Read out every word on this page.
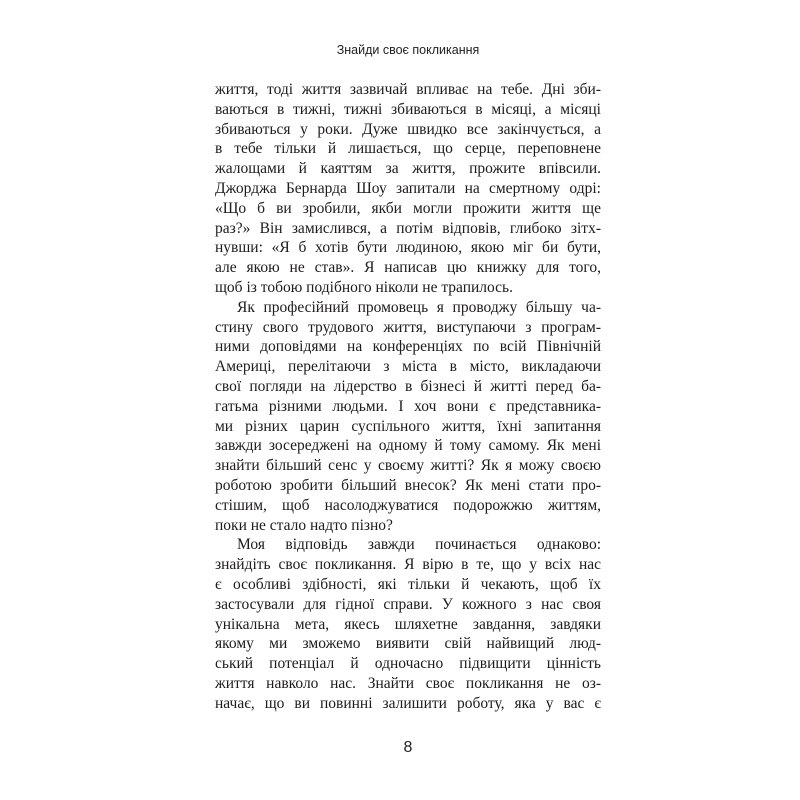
Знайди своє покликання
життя, тоді життя зазвичай впливає на тебе. Дні зби-
ваються в тижні, тижні збиваються в місяці, а місяці
збиваються у роки. Дуже швидко все закінчується, а
в тебе тільки й лишається, що серце, переповнене
жалощами й каяттям за життя, прожите впівсили.
Джорджа Бернарда Шоу запитали на смертному одрі:
«Що б ви зробили, якби могли прожити життя ще
раз?» Він замислився, а потім відповів, глибоко зітх-
нувши: «Я б хотів бути людиною, якою міг би бути,
але якою не став». Я написав цю книжку для того,
щоб із тобою подібного ніколи не трапилось.
Як професійний промовець я проводжу більшу ча-
стину свого трудового життя, виступаючи з програм-
ними доповідями на конференціях по всій Північній
Америці, перелітаючи з міста в місто, викладаючи
свої погляди на лідерство в бізнесі й житті перед ба-
гатьма різними людьми. І хоч вони є представника-
ми різних царин суспільного життя, їхні запитання
завжди зосереджені на одному й тому самому. Як мені
знайти більший сенс у своєму житті? Як я можу своєю
роботою зробити більший внесок? Як мені стати про-
стішим, щоб насолоджуватися подорожжю життям,
поки не стало надто пізно?
Моя відповідь завжди починається однаково:
знайдіть своє покликання. Я вірю в те, що у всіх нас
є особливі здібності, які тільки й чекають, щоб їх
застосували для гідної справи. У кожного з нас своя
унікальна мета, якесь шляхетне завдання, завдяки
якому ми зможемо виявити свій найвищий люд-
ський потенціал й одночасно підвищити цінність
життя навколо нас. Знайти своє покликання не оз-
начає, що ви повинні залишити роботу, яка у вас є
8
